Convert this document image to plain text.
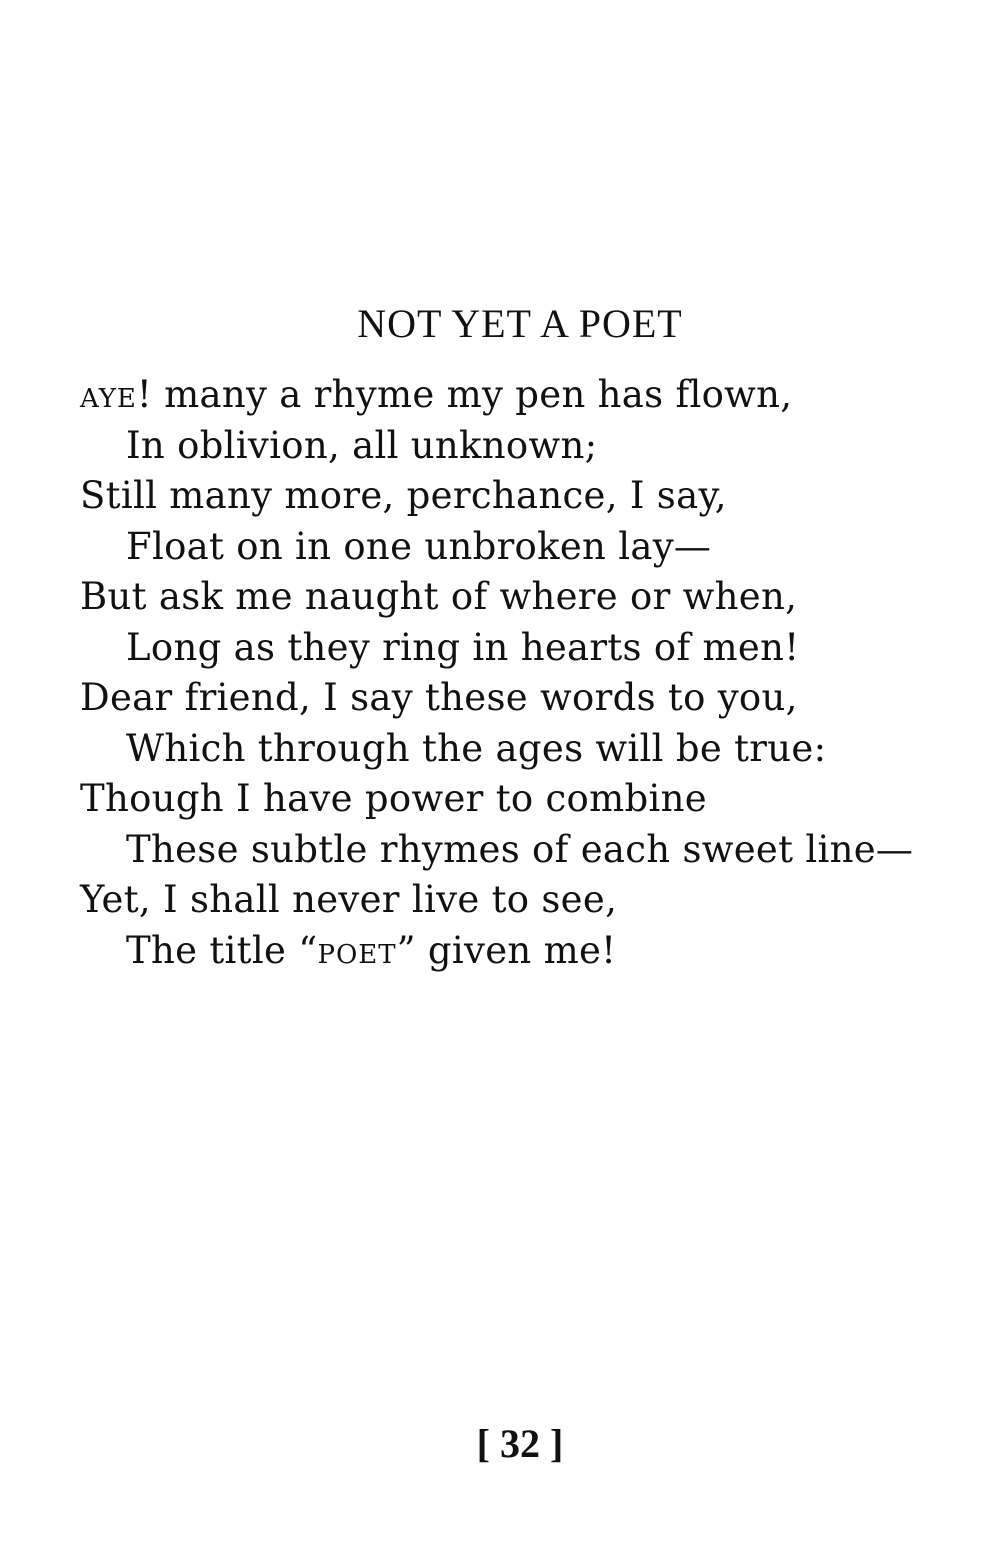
NOT YET A POET
AYE! many a rhyme my pen has flown,
In oblivion, all unknown;
Still many more, perchance, I say,
Float on in one unbroken lay—
But ask me naught of where or when,
Long as they ring in hearts of men!
Dear friend, I say these words to you,
Which through the ages will be true:
Though I have power to combine
These subtle rhymes of each sweet line—
Yet, I shall never live to see,
The title “POET” given me!
[ 32 ]
